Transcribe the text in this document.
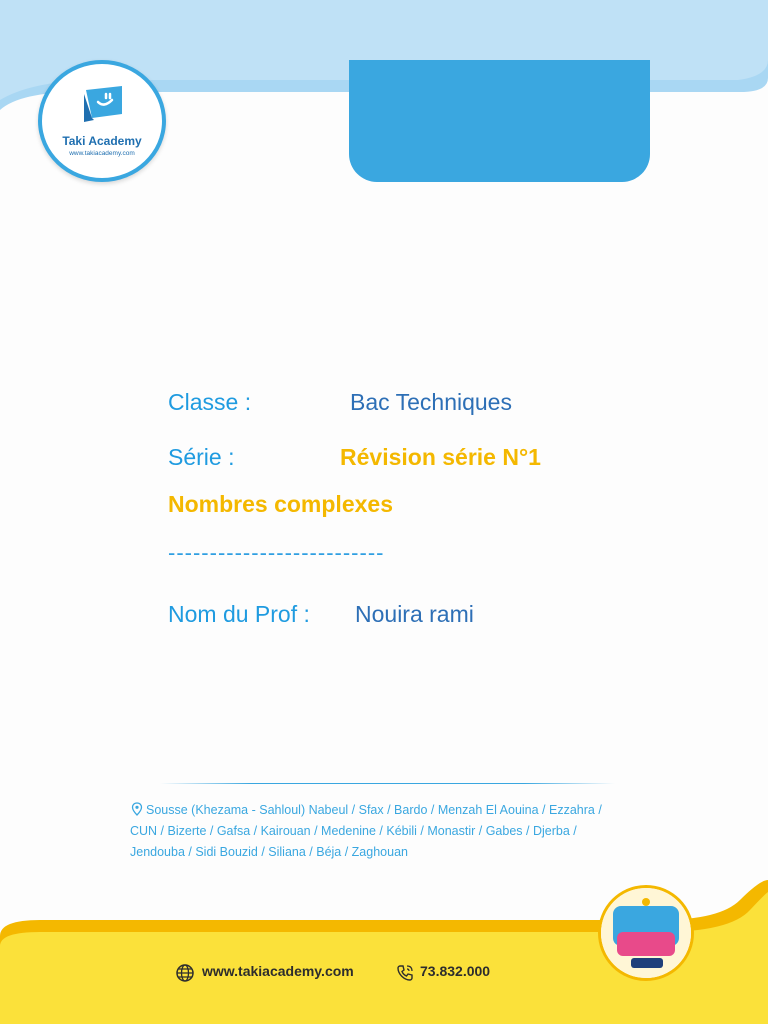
Taki Academy
www.takiacademy.com
Classe :	Bac Techniques
Série :	Révision série N°1
Nombres complexes
--------------------------
Nom du Prof : Nouira rami
Sousse (Khezama - Sahloul) Nabeul / Sfax / Bardo / Menzah El Aouina / Ezzahra / CUN / Bizerte / Gafsa / Kairouan / Medenine / Kébili / Monastir / Gabes / Djerba / Jendouba / Sidi Bouzid / Siliana / Béja / Zaghouan
www.takiacademy.com	73.832.000
